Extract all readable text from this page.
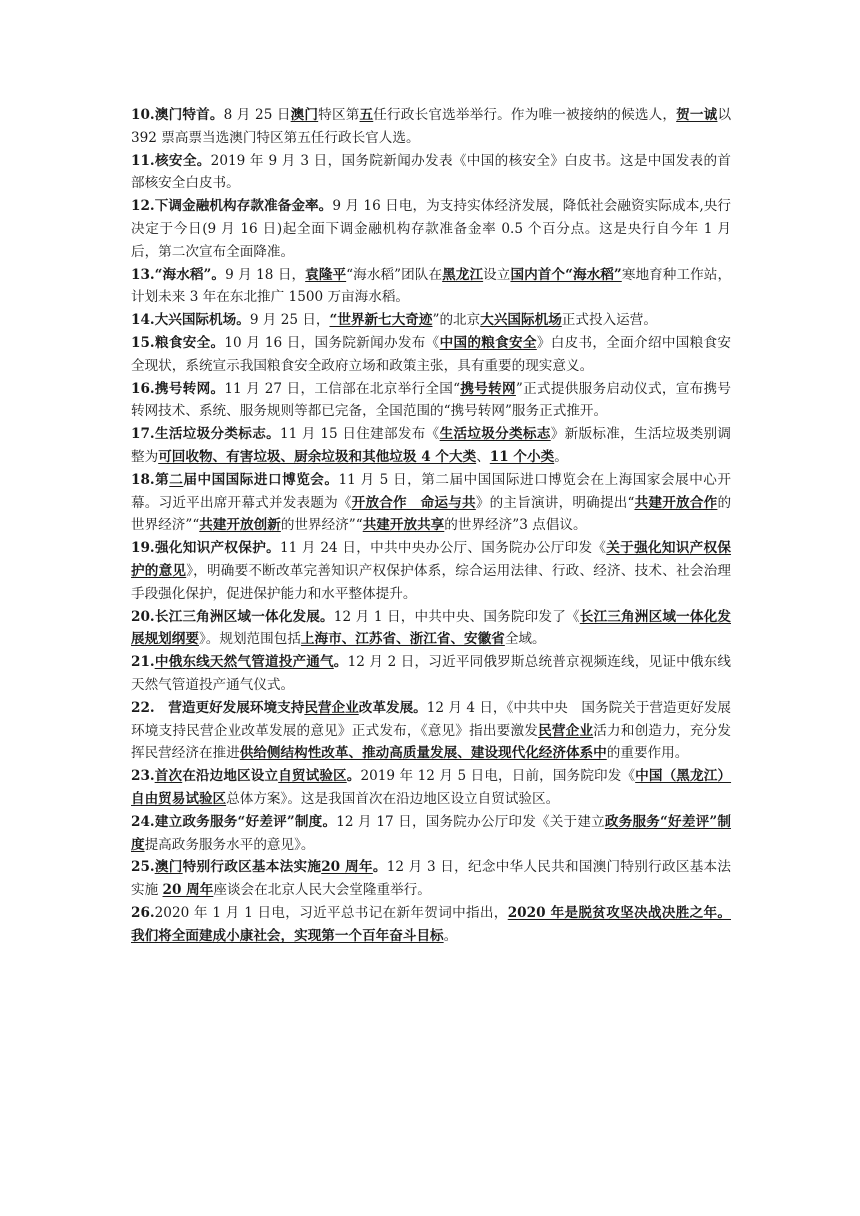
10.澳门特首。8 月 25 日澳门特区第五任行政长官选举举行。作为唯一被接纳的候选人，贺一诚以 392 票高票当选澳门特区第五任行政长官人选。

11.核安全。2019 年 9 月 3 日，国务院新闻办发表《中国的核安全》白皮书。这是中国发表的首部核安全白皮书。

12.下调金融机构存款准备金率。9 月 16 日电，为支持实体经济发展，降低社会融资实际成本,央行决定于今日(9 月 16 日)起全面下调金融机构存款准备金率 0.5 个百分点。这是央行自今年 1 月后，第二次宣布全面降准。

13.“海水稻”。9 月 18 日，袁隆平“海水稻”团队在黑龙江设立国内首个“海水稻”寒地育种工作站，计划未来 3 年在东北推广 1500 万亩海水稻。

14.大兴国际机场。9 月 25 日，“世界新七大奇迹”的北京大兴国际机场正式投入运营。

15.粮食安全。10 月 16 日，国务院新闻办发布《中国的粮食安全》白皮书，全面介绍中国粮食安全现状，系统宣示我国粮食安全政府立场和政策主张，具有重要的现实意义。

16.携号转网。11 月 27 日，工信部在北京举行全国“携号转网”正式提供服务启动仪式，宣布携号转网技术、系统、服务规则等都已完备，全国范围的“携号转网”服务正式推开。

17.生活垃圾分类标志。11 月 15 日住建部发布《生活垃圾分类标志》新版标准，生活垃圾类别调整为可回收物、有害垃圾、厨余垃圾和其他垃圾 4 个大类、11 个小类。

18.第二届中国国际进口博览会。11 月 5 日，第二届中国国际进口博览会在上海国家会展中心开幕。习近平出席开幕式并发表题为《开放合作　命运与共》的主旨演讲，明确提出“共建开放合作的世界经济”“共建开放创新的世界经济”“共建开放共享的世界经济”3 点倡议。

19.强化知识产权保护。11 月 24 日，中共中央办公厅、国务院办公厅印发《关于强化知识产权保护的意见》，明确要不断改革完善知识产权保护体系，综合运用法律、行政、经济、技术、社会治理手段强化保护，促进保护能力和水平整体提升。

20.长江三角洲区域一体化发展。12 月 1 日，中共中央、国务院印发了《长江三角洲区域一体化发展规划纲要》。规划范围包括上海市、江苏省、浙江省、安徽省全域。

21.中俄东线天然气管道投产通气。12 月 2 日，习近平同俄罗斯总统普京视频连线，见证中俄东线天然气管道投产通气仪式。

22.　营造更好发展环境支持民营企业改革发展。12 月 4 日，《中共中央　国务院关于营造更好发展环境支持民营企业改革发展的意见》正式发布，《意见》指出要激发民营企业活力和创造力，充分发挥民营经济在推进供给侧结构性改革、推动高质量发展、建设现代化经济体系中的重要作用。

23.首次在沿边地区设立自贸试验区。2019 年 12 月 5 日电，日前，国务院印发《中国（黑龙江）自由贸易试验区总体方案》。这是我国首次在沿边地区设立自贸试验区。

24.建立政务服务“好差评”制度。12 月 17 日，国务院办公厅印发《关于建立政务服务“好差评”制度提高政务服务水平的意见》。

25.澳门特别行政区基本法实施20 周年。12 月 3 日，纪念中华人民共和国澳门特别行政区基本法实施 20 周年座谈会在北京人民大会堂隆重举行。

26.2020 年 1 月 1 日电，习近平总书记在新年贺词中指出，2020 年是脱贫攻坚决战决胜之年。我们将全面建成小康社会，实现第一个百年奋斗目标。
